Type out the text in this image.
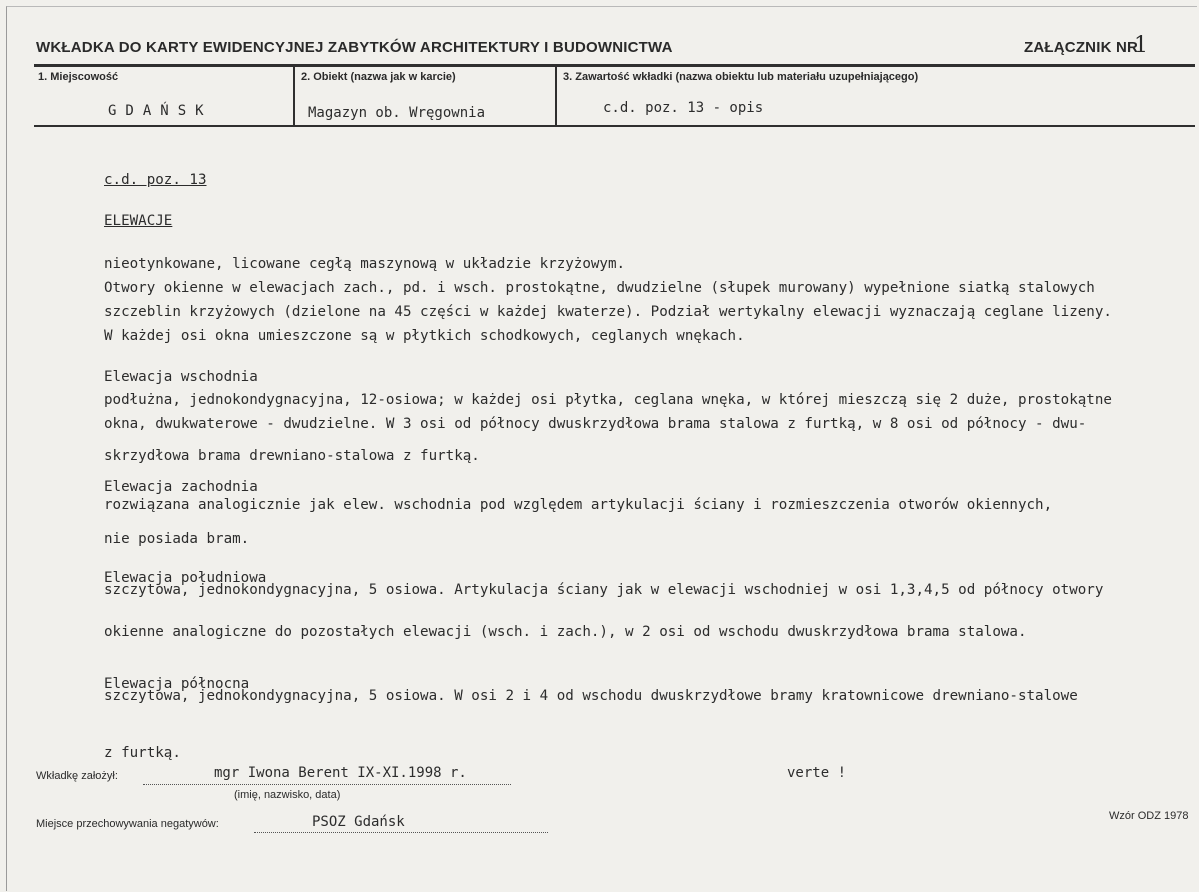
WKŁADKA DO KARTY EWIDENCYJNEJ ZABYTKÓW ARCHITEKTURY I BUDOWNICTWA	ZAŁĄCZNIK NR
1
1. Miejscowość
GDAŃSK
2. Obiekt (nazwa jak w karcie)
Magazyn ob. Wręgownia
3. Zawartość wkładki (nazwa obiektu lub materiału uzupełniającego)
c.d. poz. 13 - opis
c.d. poz. 13
ELEWACJE
nieotynkowane, licowane cegłą maszynową w układzie krzyżowym.
Otwory okienne w elewacjach zach., pd. i wsch. prostokątne, dwudzielne (słupek murowany) wypełnione siatką stalowych
szczeblin krzyżowych (dzielone na 45 części w każdej kwaterze). Podział wertykalny elewacji wyznaczają ceglane lizeny.
W każdej osi okna umieszczone są w płytkich schodkowych, ceglanych wnękach.
Elewacja wschodnia
podłużna, jednokondygnacyjna, 12-osiowa; w każdej osi płytka, ceglana wnęka, w której mieszczą się 2 duże, prostokątne
okna, dwukwaterowe - dwudzielne. W 3 osi od północy dwuskrzydłowa brama stalowa z furtką, w 8 osi od północy - dwu-
skrzydłowa brama drewniano-stalowa z furtką.
Elewacja zachodnia
rozwiązana analogicznie jak elew. wschodnia pod względem artykulacji ściany i rozmieszczenia otworów okiennych,
nie posiada bram.
Elewacja południowa
szczytowa, jednokondygnacyjna, 5 osiowa. Artykulacja ściany jak w elewacji wschodniej w osi 1,3,4,5 od północy otwory
okienne analogiczne do pozostałych elewacji (wsch. i zach.), w 2 osi od wschodu dwuskrzydłowa brama stalowa.
Elewacja północna
szczytowa, jednokondygnacyjna, 5 osiowa. W osi 2 i 4 od wschodu dwuskrzydłowe bramy kratownicowe drewniano-stalowe
z furtką.
Wkładkę założył:	mgr Iwona Berent IX-XI.1998 r.
(imię, nazwisko, data)
verte !
Miejsce przechowywania negatywów:	PSOZ Gdańsk	Wzór ODZ 1978
